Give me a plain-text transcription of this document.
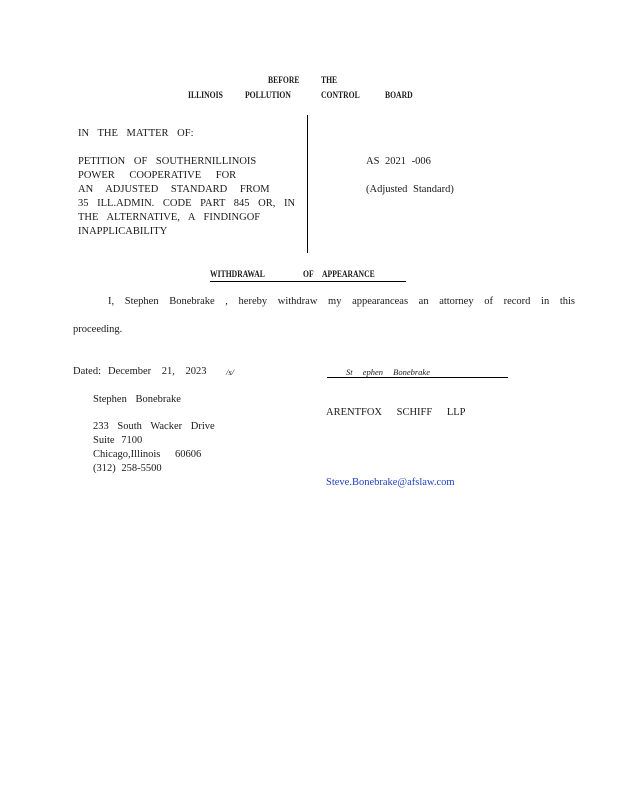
BEFORE THE
ILLINOIS POLLUTION	CONTROL	BOARD
IN THE MATTER OF:
PETITION OF SOUTHERNILLINOIS
POWER COOPERATIVE FOR
AN ADJUSTED STANDARD FROM
35 ILL.ADMIN. CODE PART 845 OR, IN
THE ALTERNATIVE, A FINDINGOF
INAPPLICABILITY
AS 2021 -006
(Adjusted Standard)
WITHDRAWAL	OF APPEARANCE
I, Stephen Bonebrake , hereby withdraw my appearanceas an attorney of record in this
proceeding.
Dated: December 21, 2023 /s/	St ephen Bonebrake
Stephen Bonebrake
233 South Wacker Drive
Suite 7100
Chicago,Illinois 60606
(312) 258-5500
ARENTFOX SCHIFF LLP
Steve.Bonebrake@afslaw.com
